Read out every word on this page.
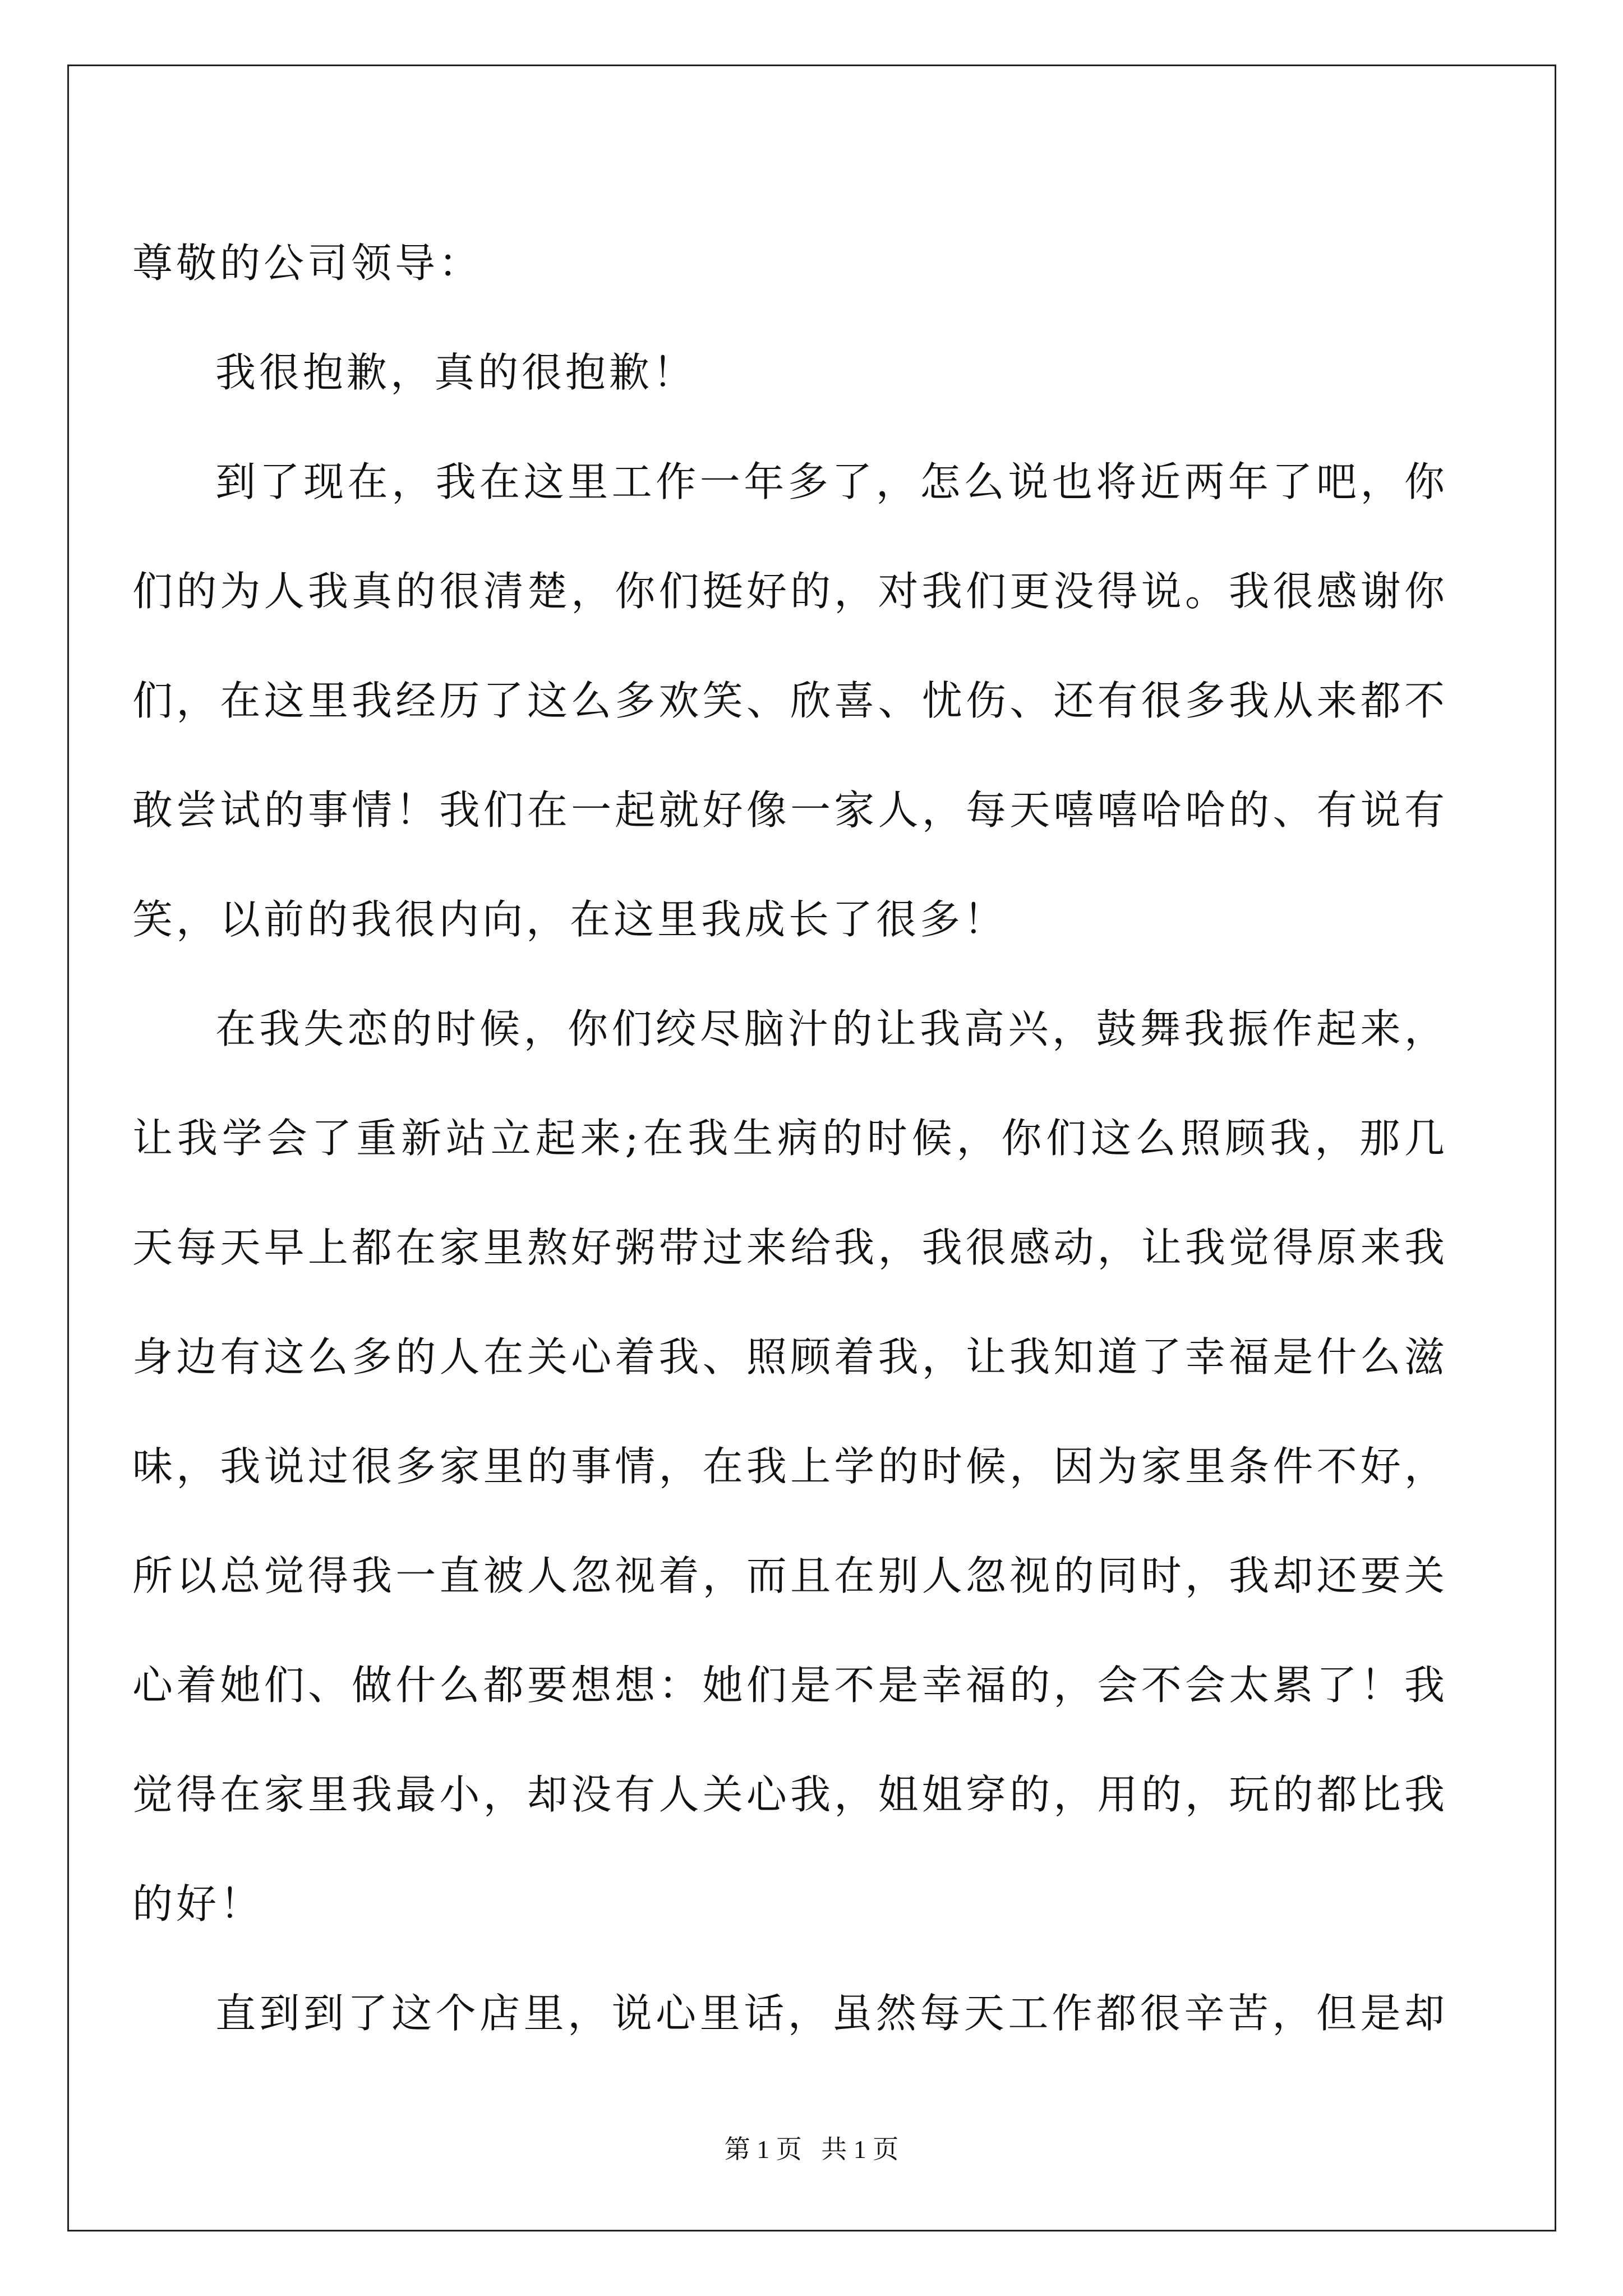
尊敬的公司领导：

我很抱歉，真的很抱歉！

到了现在，我在这里工作一年多了，怎么说也将近两年了吧，你们的为人我真的很清楚，你们挺好的，对我们更没得说。我很感谢你们，在这里我经历了这么多欢笑、欣喜、忧伤、还有很多我从来都不敢尝试的事情！我们在一起就好像一家人，每天嘻嘻哈哈的、有说有笑，以前的我很内向，在这里我成长了很多！

在我失恋的时候，你们绞尽脑汁的让我高兴，鼓舞我振作起来，让我学会了重新站立起来;在我生病的时候，你们这么照顾我，那几天每天早上都在家里熬好粥带过来给我，我很感动，让我觉得原来我身边有这么多的人在关心着我、照顾着我，让我知道了幸福是什么滋味，我说过很多家里的事情，在我上学的时候，因为家里条件不好，所以总觉得我一直被人忽视着，而且在别人忽视的同时，我却还要关心着她们、做什么都要想想：她们是不是幸福的，会不会太累了！我觉得在家里我最小，却没有人关心我，姐姐穿的，用的，玩的都比我的好！

直到到了这个店里，说心里话，虽然每天工作都很辛苦，但是却

第 1 页   共 1 页
